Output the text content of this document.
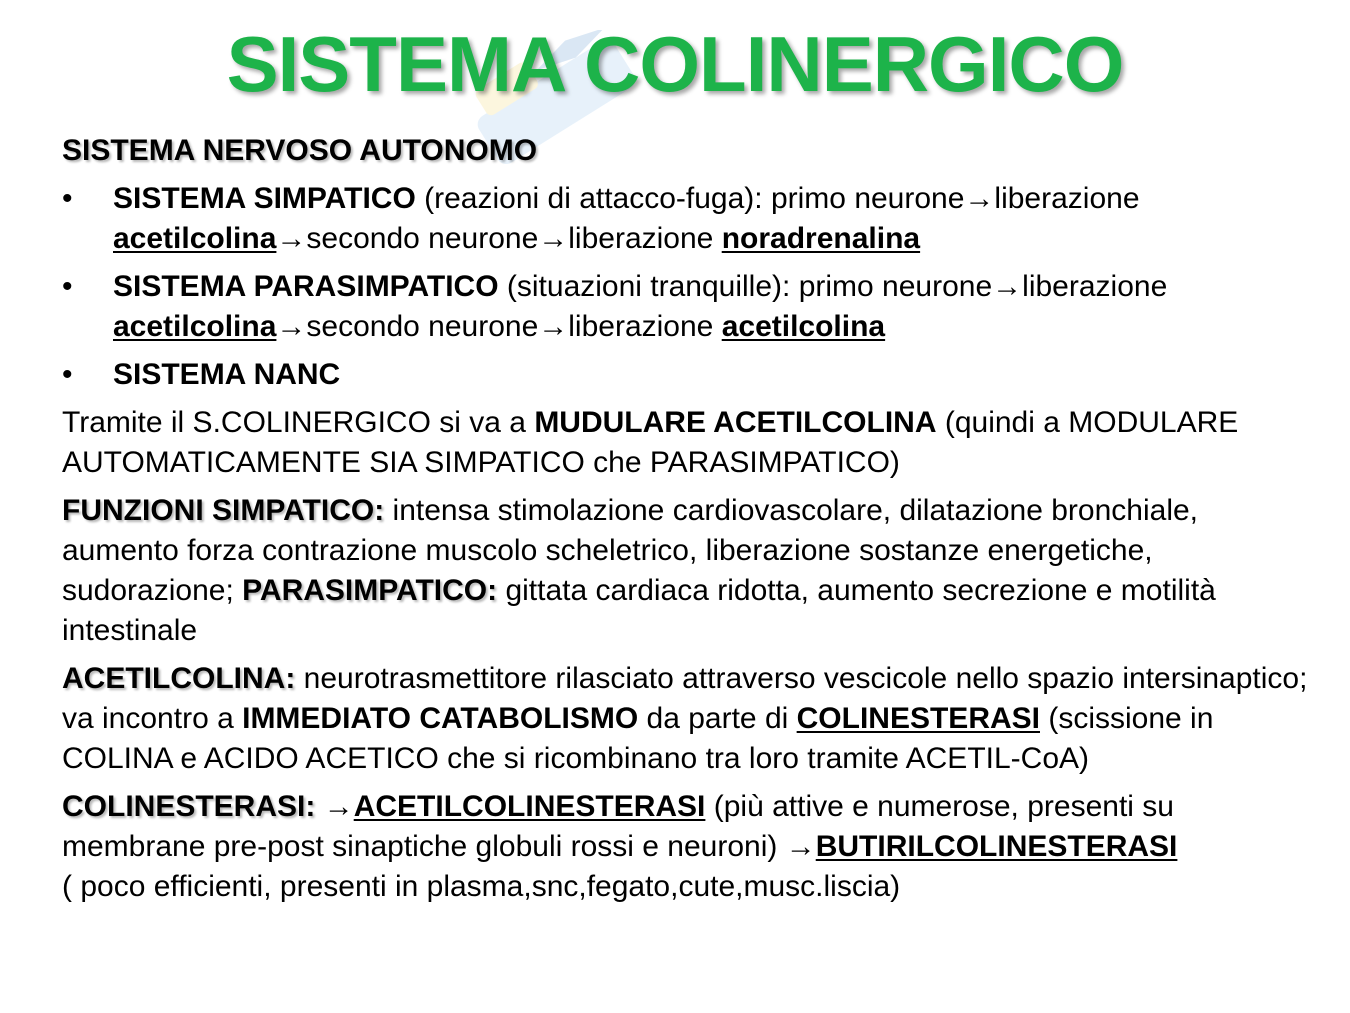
SISTEMA COLINERGICO

SISTEMA NERVOSO AUTONOMO

•	SISTEMA SIMPATICO (reazioni di attacco-fuga): primo neurone→liberazione
acetilcolina→secondo neurone→liberazione noradrenalina

•	SISTEMA PARASIMPATICO (situazioni tranquille): primo neurone→liberazione
acetilcolina→secondo neurone→liberazione acetilcolina

•	SISTEMA NANC

Tramite il S.COLINERGICO si va a MUDULARE ACETILCOLINA (quindi a MODULARE AUTOMATICAMENTE SIA SIMPATICO che PARASIMPATICO)

FUNZIONI SIMPATICO: intensa stimolazione cardiovascolare, dilatazione bronchiale, aumento forza contrazione muscolo scheletrico, liberazione sostanze energetiche, sudorazione; PARASIMPATICO: gittata cardiaca ridotta, aumento secrezione e motilità intestinale

ACETILCOLINA: neurotrasmettitore rilasciato attraverso vescicole nello spazio intersinaptico; va incontro a IMMEDIATO CATABOLISMO da parte di COLINESTERASI (scissione in COLINA e ACIDO ACETICO che si ricombinano tra loro tramite ACETIL-CoA)

COLINESTERASI: →ACETILCOLINESTERASI (più attive e numerose, presenti su membrane pre-post sinaptiche globuli rossi e neuroni) →BUTIRILCOLINESTERASI
( poco efficienti, presenti in plasma,snc,fegato,cute,musc.liscia)
